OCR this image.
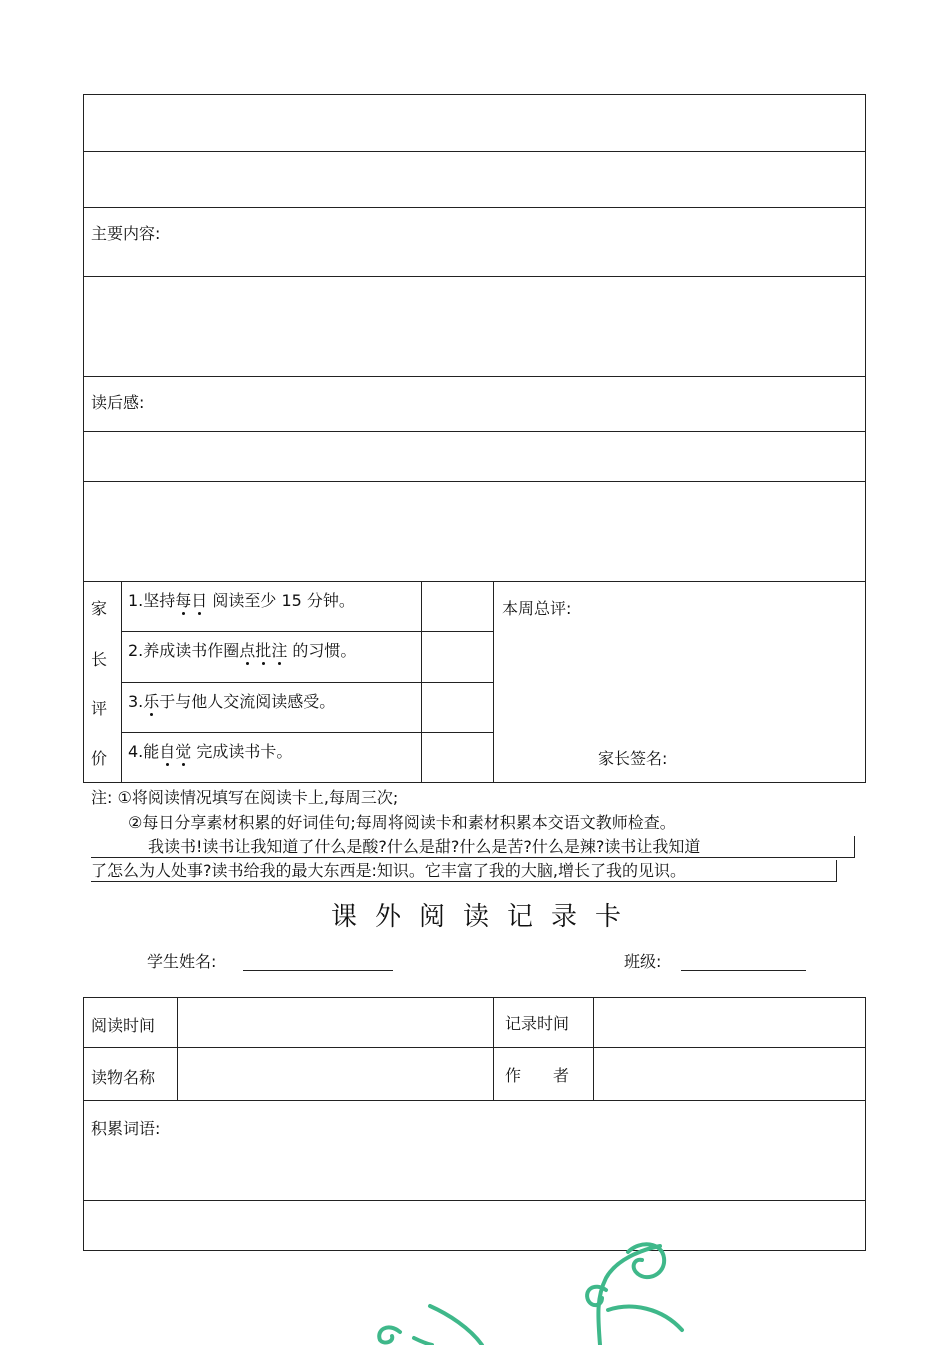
主要内容:
读后感:
家
长
评
价
1.坚持每日 阅读至少 15 分钟。
2.养成读书作圈点批注 的习惯。
3.乐于与他人交流阅读感受。
4.能自觉 完成读书卡。
本周总评:
家长签名:
注: ①将阅读情况填写在阅读卡上,每周三次;
②每日分享素材积累的好词佳句;每周将阅读卡和素材积累本交语文教师检查。
我读书!读书让我知道了什么是酸?什么是甜?什么是苦?什么是辣?读书让我知道
了怎么为人处事?读书给我的最大东西是:知识。它丰富了我的大脑,增长了我的见识。
课外阅读记录卡
学生姓名:	班级:
阅读时间	记录时间
读物名称	作　　者
积累词语:
